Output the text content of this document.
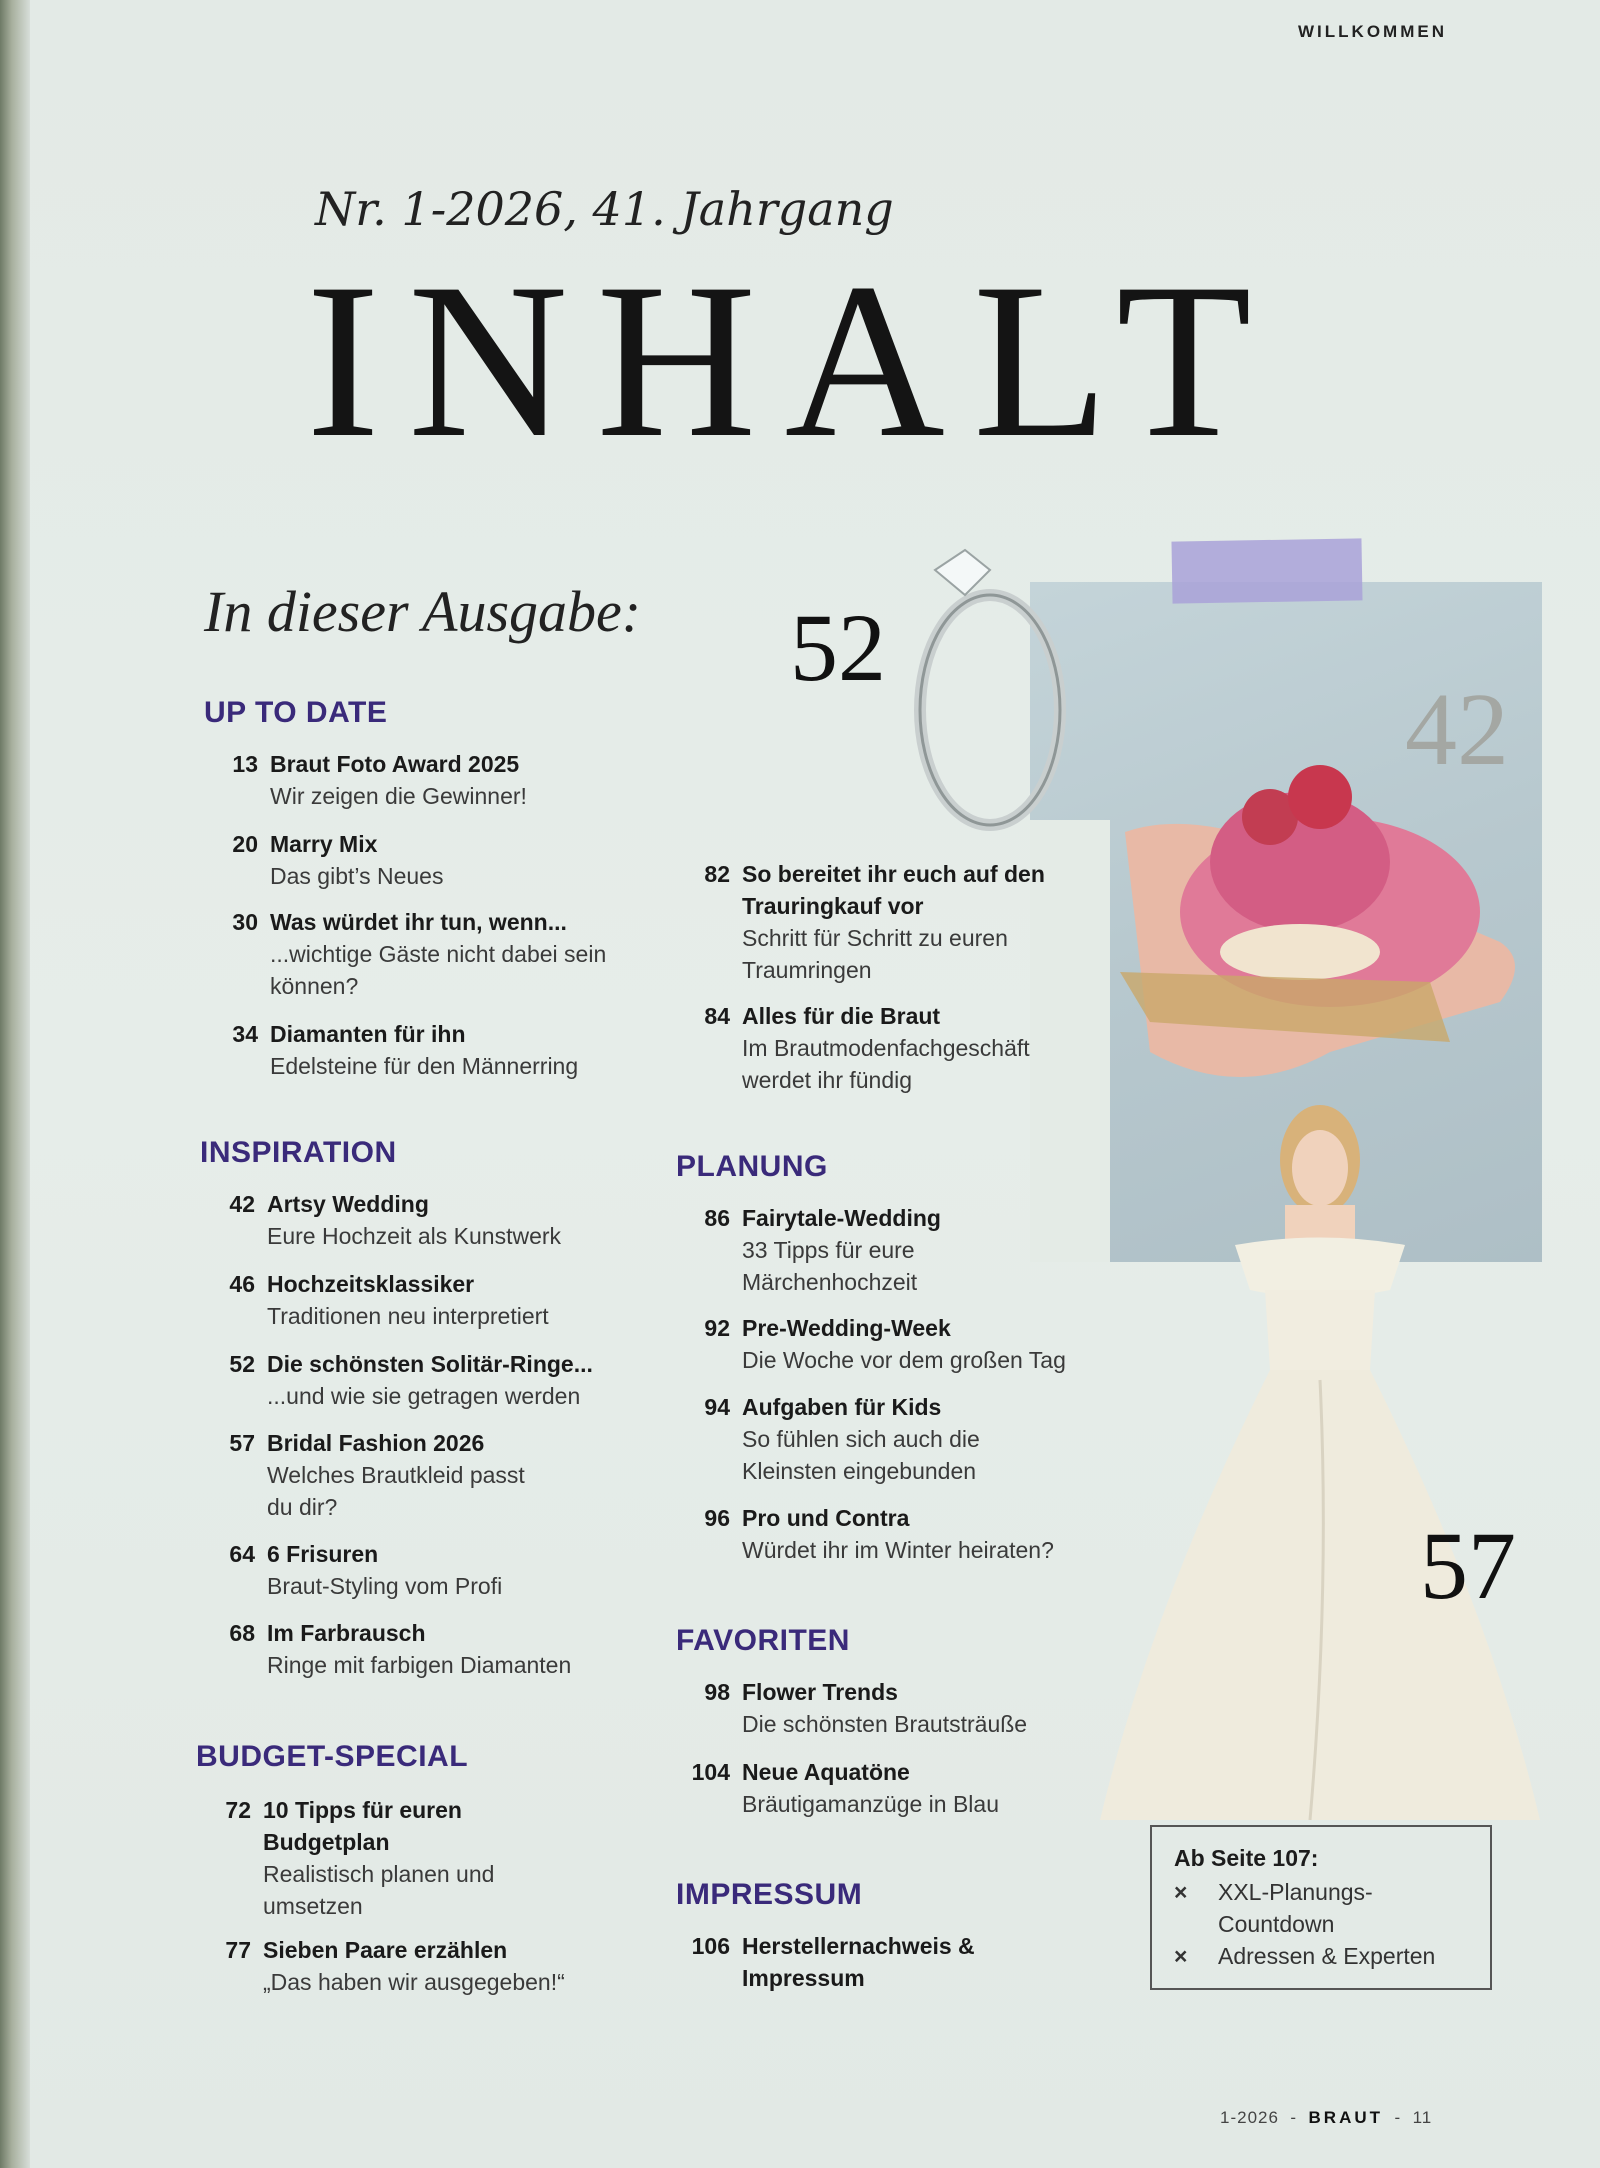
WILLKOMMEN
Nr. 1-2026, 41. Jahrgang
INHALT
In dieser Ausgabe: 52
42
57
UP TO DATE
13 Braut Foto Award 2025
Wir zeigen die Gewinner!
20 Marry Mix
Das gibt’s Neues
30 Was würdet ihr tun, wenn...
...wichtige Gäste nicht dabei sein können?
34 Diamanten für ihn
Edelsteine für den Männerring
INSPIRATION
42 Artsy Wedding
Eure Hochzeit als Kunstwerk
46 Hochzeitsklassiker
Traditionen neu interpretiert
52 Die schönsten Solitär-Ringe...
...und wie sie getragen werden
57 Bridal Fashion 2026
Welches Brautkleid passt du dir?
64 6 Frisuren
Braut-Styling vom Profi
68 Im Farbrausch
Ringe mit farbigen Diamanten
BUDGET-SPECIAL
72 10 Tipps für euren Budgetplan
Realistisch planen und umsetzen
77 Sieben Paare erzählen
„Das haben wir ausgegeben!“
82 So bereitet ihr euch auf den Trauringkauf vor
Schritt für Schritt zu euren Traumringen
84 Alles für die Braut
Im Brautmodenfachgeschäft werdet ihr fündig
PLANUNG
86 Fairytale-Wedding
33 Tipps für eure Märchenhochzeit
92 Pre-Wedding-Week
Die Woche vor dem großen Tag
94 Aufgaben für Kids
So fühlen sich auch die Kleinsten eingebunden
96 Pro und Contra
Würdet ihr im Winter heiraten?
FAVORITEN
98 Flower Trends
Die schönsten Brautsträuße
104 Neue Aquatöne
Bräutigamanzüge in Blau
IMPRESSUM
106 Herstellernachweis & Impressum
Ab Seite 107:
× XXL-Planungs-Countdown
× Adressen & Experten
1-2026 - BRAUT - 11
